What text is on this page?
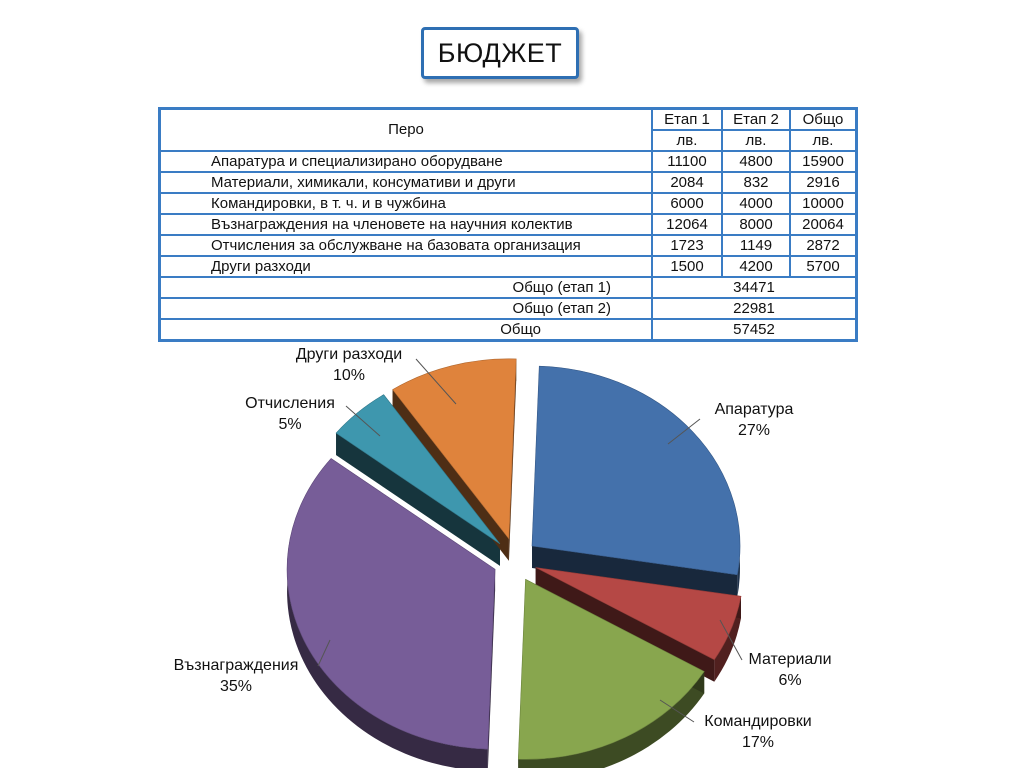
БЮДЖЕТ
Перо	Етап 1	Етап 2	Общо
	лв.	лв.	лв.
Апаратура и специализирано оборудване	11100	4800	15900
Материали, химикали, консумативи и други	2084	832	2916
Командировки, в т. ч. и в чужбина	6000	4000	10000
Възнаграждения на членовете на научния колектив	12064	8000	20064
Отчисления за обслужване на базовата организация	1723	1149	2872
Други разходи	1500	4200	5700
Общо (етап 1)	34471		
Общо (етап 2)	22981		
Общо	57452		
Апаратура
27%
Материали
6%
Командировки
17%
Възнаграждения
35%
Отчисления
5%
Други разходи
10%
